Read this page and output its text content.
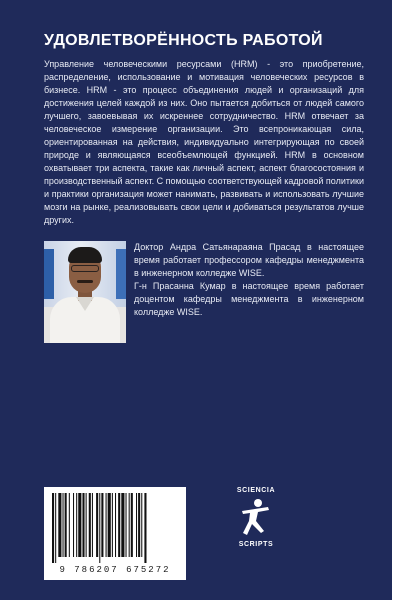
УДОВЛЕТВОРЁННОСТЬ РАБОТОЙ

Управление человеческими ресурсами (HRM) - это приобретение, распределение, использование и мотивация человеческих ресурсов в бизнесе. HRM - это процесс объединения людей и организаций для достижения целей каждой из них. Оно пытается добиться от людей самого лучшего, завоевывая их искреннее сотрудничество. HRM отвечает за человеческое измерение организации. Это всепроникающая сила, ориентированная на действия, индивидуально интегрирующая по своей природе и являющаяся всеобъемлющей функцией. HRM в основном охватывает три аспекта, такие как личный аспект, аспект благосостояния и производственный аспект. С помощью соответствующей кадровой политики и практики организация может нанимать, развивать и использовать лучшие мозги на рынке, реализовывать свои цели и добиваться результатов лучше других.

Доктор Андра Сатьянараяна Прасад в настоящее время работает профессором кафедры менеджмента в инженерном колледже WISE.

Г-н Прасанна Кумар в настоящее время работает доцентом кафедры менеджмента в инженерном колледже WISE.

9 786207 675272
SCIENCIA
SCRIPTS
